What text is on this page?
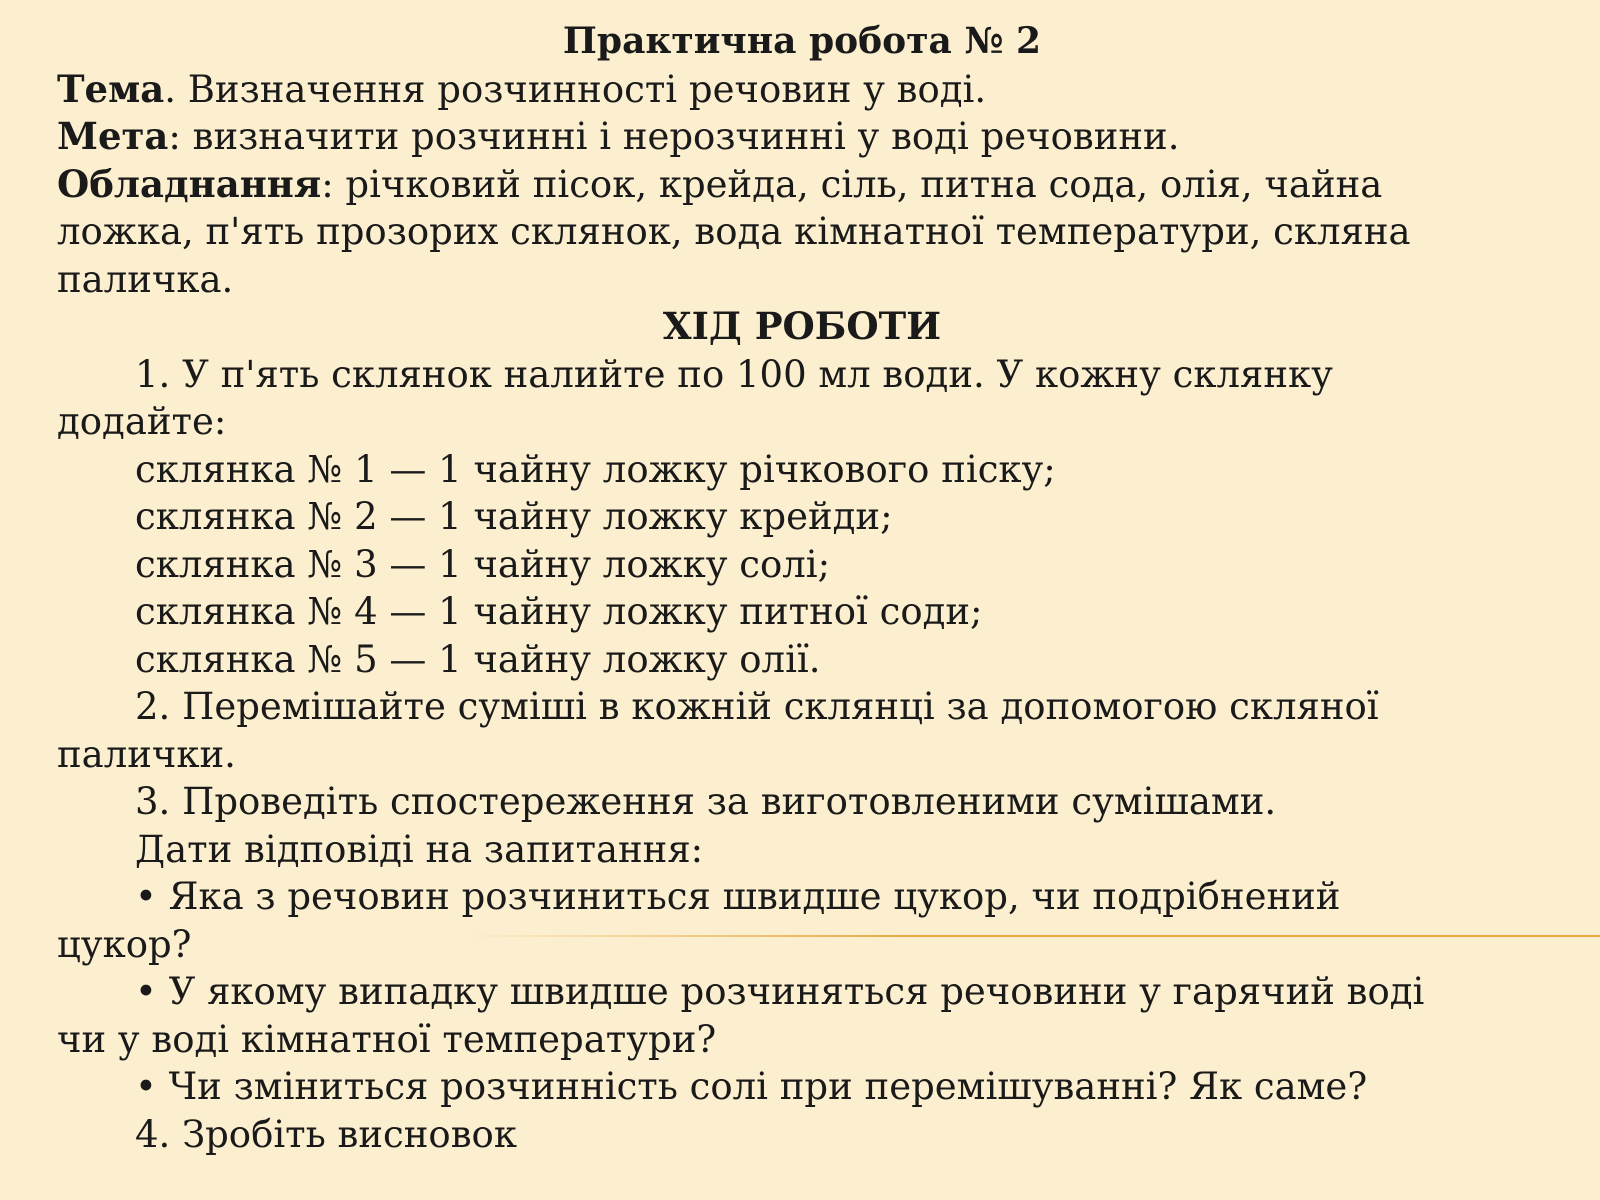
Практична робота № 2
Тема. Визначення розчинності речовин у воді.
Мета: визначити розчинні і нерозчинні у воді речовини.
Обладнання: річковий пісок, крейда, сіль, питна сода, олія, чайна
ложка, п'ять прозорих склянок, вода кімнатної температури, скляна
паличка.
ХІД РОБОТИ
1. У п'ять склянок налийте по 100 мл води. У кожну склянку
додайте:
склянка № 1 — 1 чайну ложку річкового піску;
склянка № 2 — 1 чайну ложку крейди;
склянка № 3 — 1 чайну ложку солі;
склянка № 4 — 1 чайну ложку питної соди;
склянка № 5 — 1 чайну ложку олії.
2. Перемішайте суміші в кожній склянці за допомогою скляної
палички.
3. Проведіть спостереження за виготовленими сумішами.
Дати відповіді на запитання:
• Яка з речовин розчиниться швидше цукор, чи подрібнений
цукор?
• У якому випадку швидше розчиняться речовини у гарячий воді
чи у воді кімнатної температури?
• Чи зміниться розчинність солі при перемішуванні? Як саме?
4. Зробіть висновок
